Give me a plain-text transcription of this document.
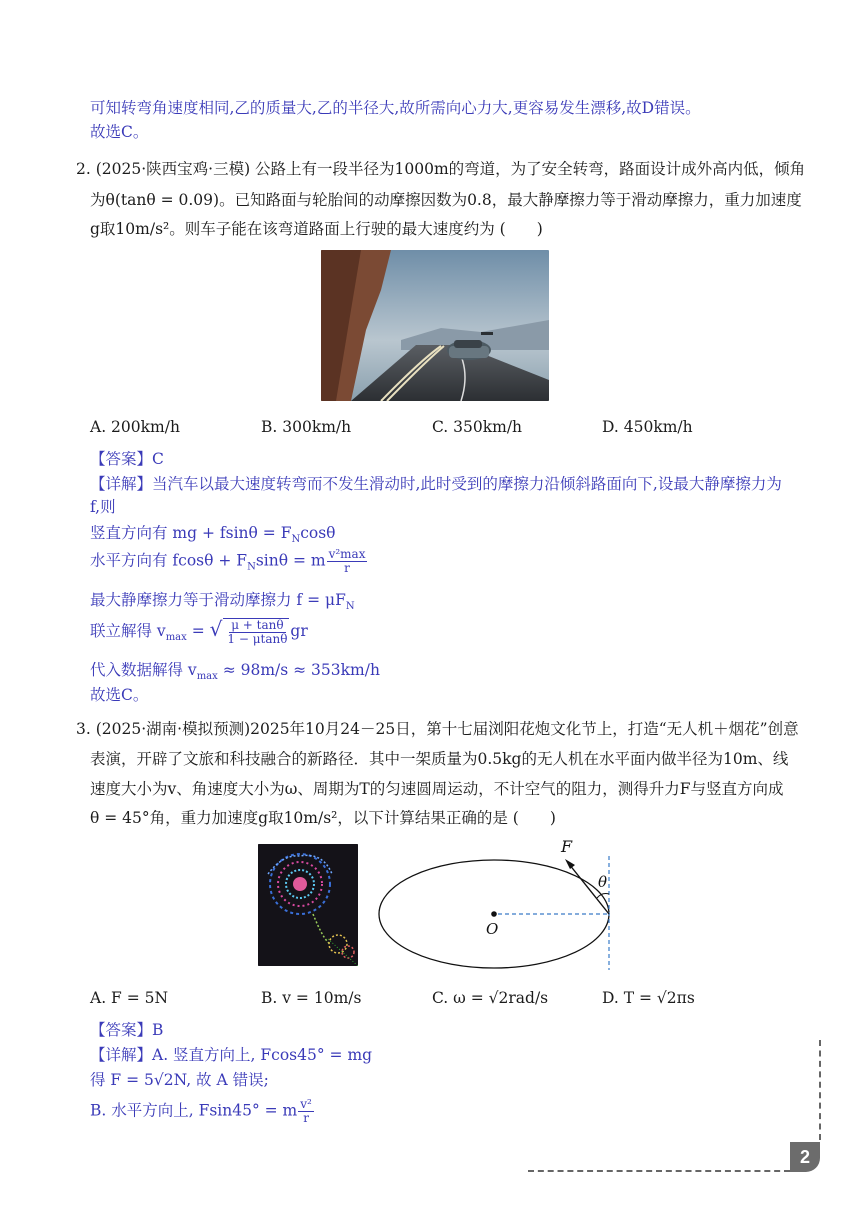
可知转弯角速度相同,乙的质量大,乙的半径大,故所需向心力大,更容易发生漂移,故D错误。
故选C。
2. (2025·陕西宝鸡·三模) 公路上有一段半径为1000m的弯道，为了安全转弯，路面设计成外高内低，倾角
为θ(tanθ = 0.09)。已知路面与轮胎间的动摩擦因数为0.8，最大静摩擦力等于滑动摩擦力，重力加速度
g取10m/s²。则车子能在该弯道路面上行驶的最大速度约为 (　　)
A. 200km/h	B. 300km/h	C. 350km/h	D. 450km/h
【答案】C
【详解】当汽车以最大速度转弯而不发生滑动时,此时受到的摩擦力沿倾斜路面向下,设最大静摩擦力为
f,则
竖直方向有 mg + $fsin\theta = F_N\cos\theta$
水平方向有 $fcos\theta + F_N\sin\theta = m \frac{\text{v²max}}{r}$
最大静摩擦力等于滑动摩擦力 $f = \mu F_N$
联立解得 $v_{max}$ = √ $\frac{\mu + \tan\theta}{1 - \mu\tan\theta}$ gr
代入数据解得 $v_{max} \approx 98m/s \approx 353km/h$
故选C。
3. (2025·湖南·模拟预测)2025年10月24－25日，第十七届浏阳花炮文化节上，打造“无人机＋烟花”创意
表演，开辟了文旅和科技融合的新路径．其中一架质量为0.5kg的无人机在水平面内做半径为10m、线
速度大小为v、角速度大小为ω、周期为T的匀速圆周运动，不计空气的阻力，测得升力F与竖直方向成
θ = 45°角，重力加速度g取10m/s²，以下计算结果正确的是 (　　)
F
θ
O
A. F = 5N	B. v = 10m/s	C. ω = √2rad/s	D. T = √2πs
【答案】B
【详解】A. 竖直方向上, Fcos45° = mg
得 F = 5√2N, 故 A 错误;
B. 水平方向上, Fsin45° = m $\frac{\text{v²}}{r}$
2
